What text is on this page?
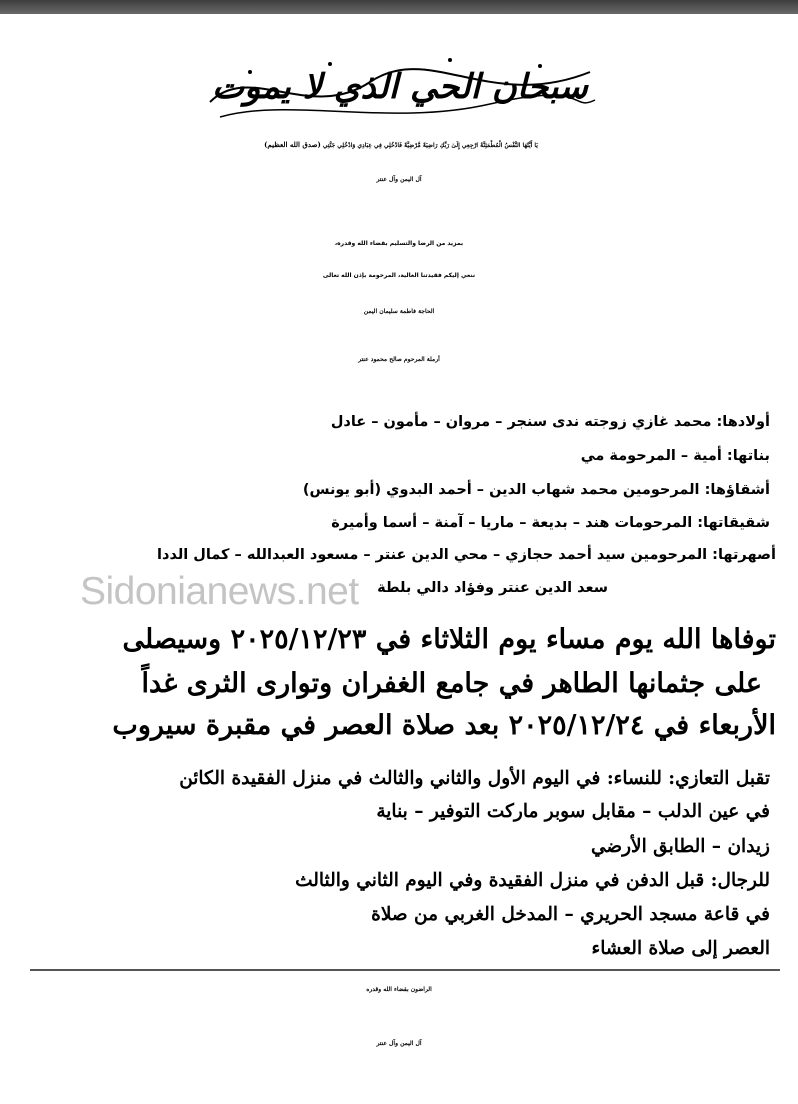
سبحان الحي الذي لا يموت
يَا أَيَّتُهَا النَّفْسُ الْمُطْمَئِنَّةُ ارْجِعِي إِلَىٰ رَبِّكِ رَاضِيَةً مَّرْضِيَّةً فَادْخُلِي فِي عِبَادِي وَادْخُلِي جَنَّتِي (صدق الله العظيم)
آل اليمن وآل عنتر
بمزيد من الرضا والتسليم بقضاء الله وقدره،
ننعي إليكم فقيدتنا الغالية، المرحومة بإذن الله تعالى
الحاجة فاطمة سليمان اليمن
أرملة المرحوم صالح محمود عنتر
أولادها: محمد غازي زوجته ندى سنجر – مروان – مأمون – عادل
بناتها: أمية – المرحومة مي
أشقاؤها: المرحومين محمد شهاب الدين – أحمد البدوي (أبو يونس)
شقيقاتها: المرحومات هند – بديعة – ماريا – آمنة – أسما وأميرة
أصهرتها: المرحومين سيد أحمد حجازي – محي الدين عنتر – مسعود العبدالله – كمال الددا
سعد الدين عنتر وفؤاد دالي بلطة
Sidonianews.net
توفاها الله يوم مساء يوم الثلاثاء في ٢٠٢٥/١٢/٢٣ وسيصلى
على جثمانها الطاهر في جامع الغفران وتوارى الثرى غداً
الأربعاء في ٢٠٢٥/١٢/٢٤ بعد صلاة العصر في مقبرة سيروب
تقبل التعازي: للنساء: في اليوم الأول والثاني والثالث في منزل الفقيدة الكائن
في عين الدلب – مقابل سوبر ماركت التوفير – بناية
زيدان – الطابق الأرضي
للرجال: قبل الدفن في منزل الفقيدة وفي اليوم الثاني والثالث
في قاعة مسجد الحريري – المدخل الغربي من صلاة
العصر إلى صلاة العشاء
الراضون بقضاء الله وقدره
آل اليمن وآل عنتر
